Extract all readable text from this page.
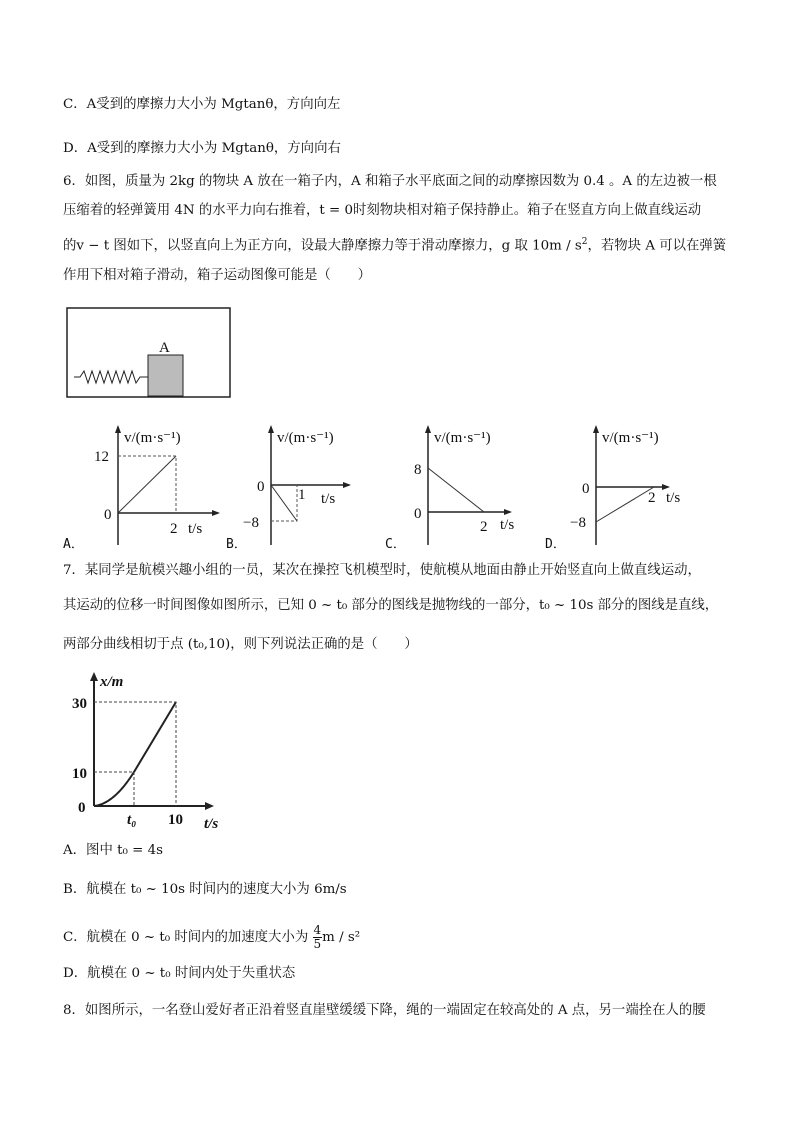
C．A受到的摩擦力大小为 Mgtanθ，方向向左
D．A受到的摩擦力大小为 Mgtanθ，方向向右
6．如图，质量为 2kg 的物块 A 放在一箱子内，A 和箱子水平底面之间的动摩擦因数为 0.4 。A 的左边被一根
压缩着的轻弹簧用 4N 的水平力向右推着，t = 0时刻物块相对箱子保持静止。箱子在竖直方向上做直线运动
的v − t 图如下，以竖直向上为正方向，设最大静摩擦力等于滑动摩擦力，g 取 $10m / s^2$，若物块 A 可以在弹簧
作用下相对箱子滑动，箱子运动图像可能是（　　）
A
v/(m·s⁻¹)
12
0
2 t/s
A．
v/(m·s⁻¹)
0
−8
1 t/s
B．
v/(m·s⁻¹)
8
0
2 t/s
C．
v/(m·s⁻¹)
0
−8
2 t/s
D．
7．某同学是航模兴趣小组的一员，某次在操控飞机模型时，使航模从地面由静止开始竖直向上做直线运动，
其运动的位移一时间图像如图所示，已知 0 ~ t₀ 部分的图线是抛物线的一部分，t₀ ~ 10s 部分的图线是直线，
两部分曲线相切于点 (t₀,10)，则下列说法正确的是（　　）
x/m
30
10
0
t₀ 10 t/s
A．图中 t₀ = 4s
B．航模在 t₀ ~ 10s 时间内的速度大小为 6m/s
C．航模在 0 ~ t₀ 时间内的加速度大小为 $\frac{4}{5}$ m / s²
D．航模在 0 ~ t₀ 时间内处于失重状态
8．如图所示，一名登山爱好者正沿着竖直崖壁缓缓下降，绳的一端固定在较高处的 A 点，另一端拴在人的腰
